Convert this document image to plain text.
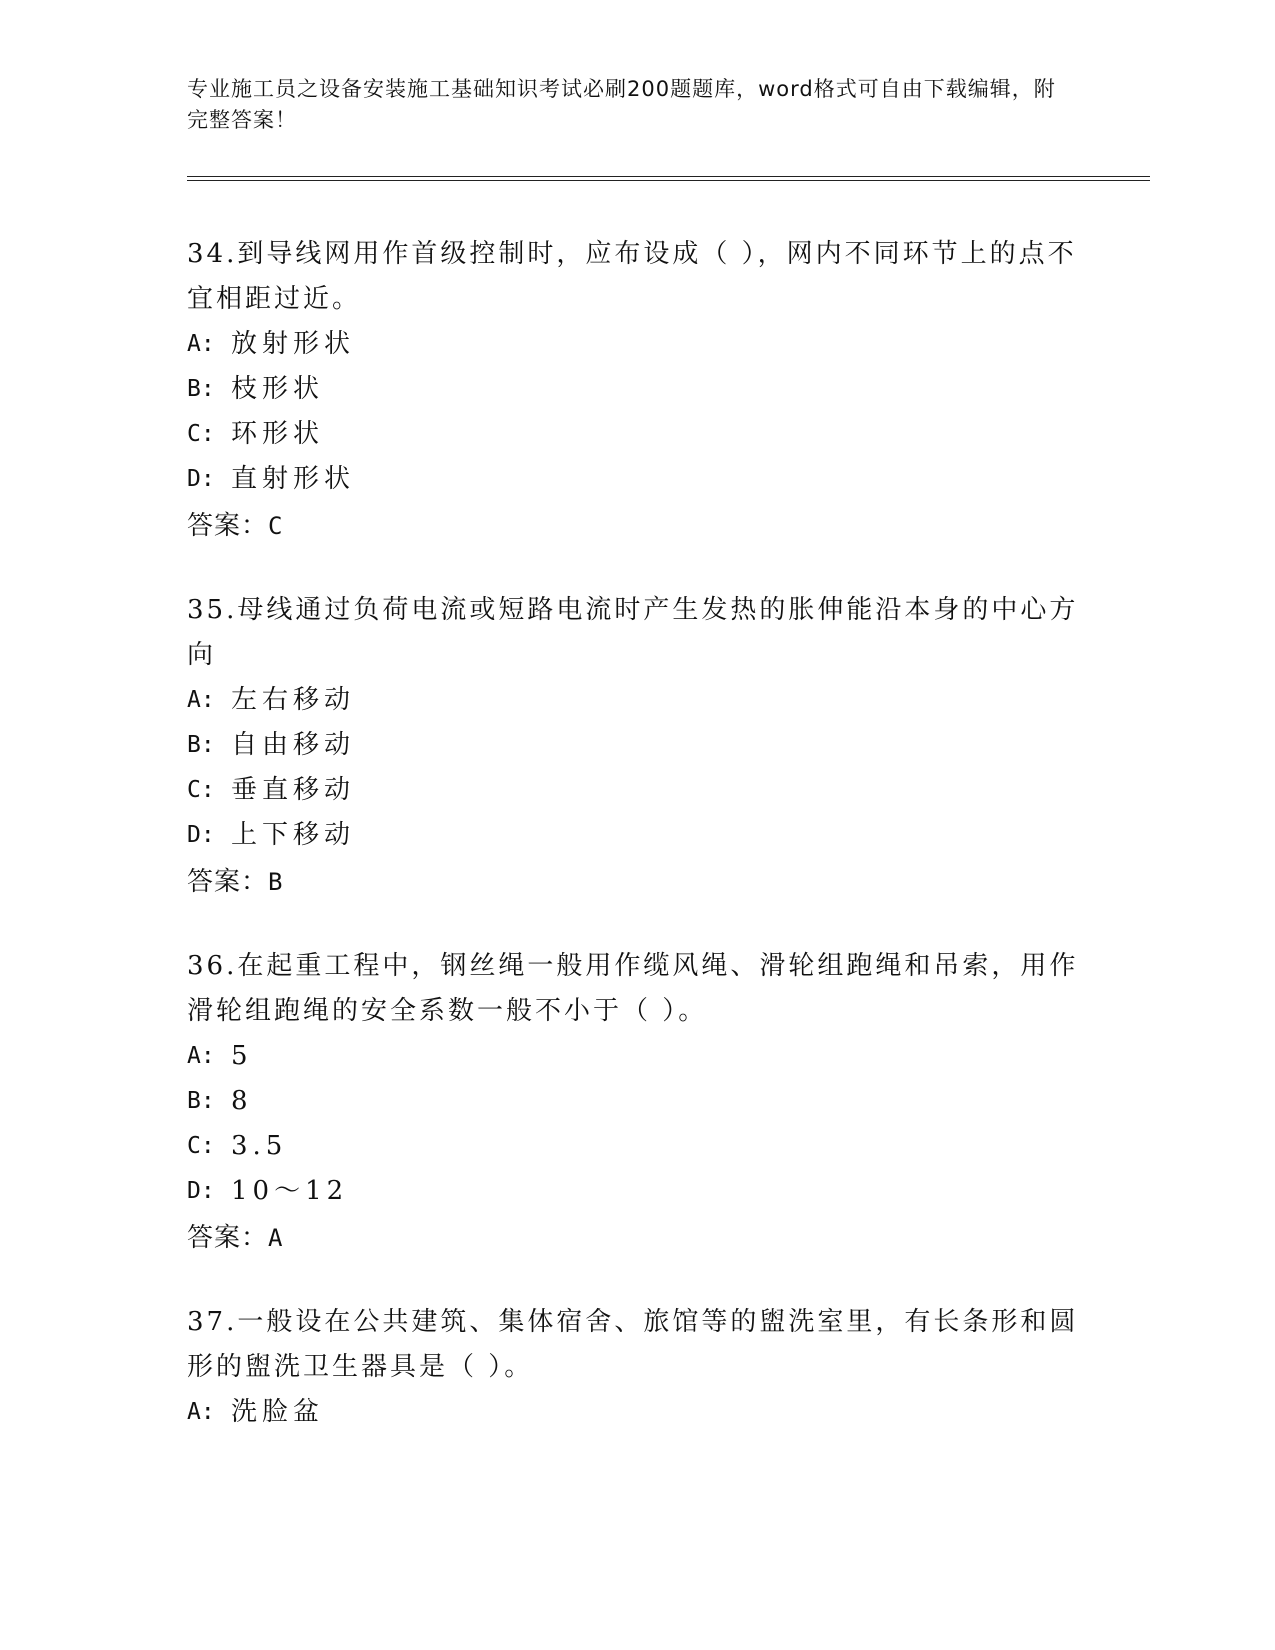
专业施工员之设备安装施工基础知识考试必刷200题题库，word格式可自由下载编辑，附完整答案！

34.到导线网用作首级控制时，应布设成（ ），网内不同环节上的点不宜相距过近。

A: 放射形状
B: 枝形状
C: 环形状
D: 直射形状
答案：C

35.母线通过负荷电流或短路电流时产生发热的胀伸能沿本身的中心方向

A: 左右移动
B: 自由移动
C: 垂直移动
D: 上下移动
答案：B

36.在起重工程中，钢丝绳一般用作缆风绳、滑轮组跑绳和吊索，用作滑轮组跑绳的安全系数一般不小于（ ）。

A: 5
B: 8
C: 3.5
D: 10～12
答案：A

37.一般设在公共建筑、集体宿舍、旅馆等的盥洗室里，有长条形和圆形的盥洗卫生器具是（ ）。

A: 洗脸盆
